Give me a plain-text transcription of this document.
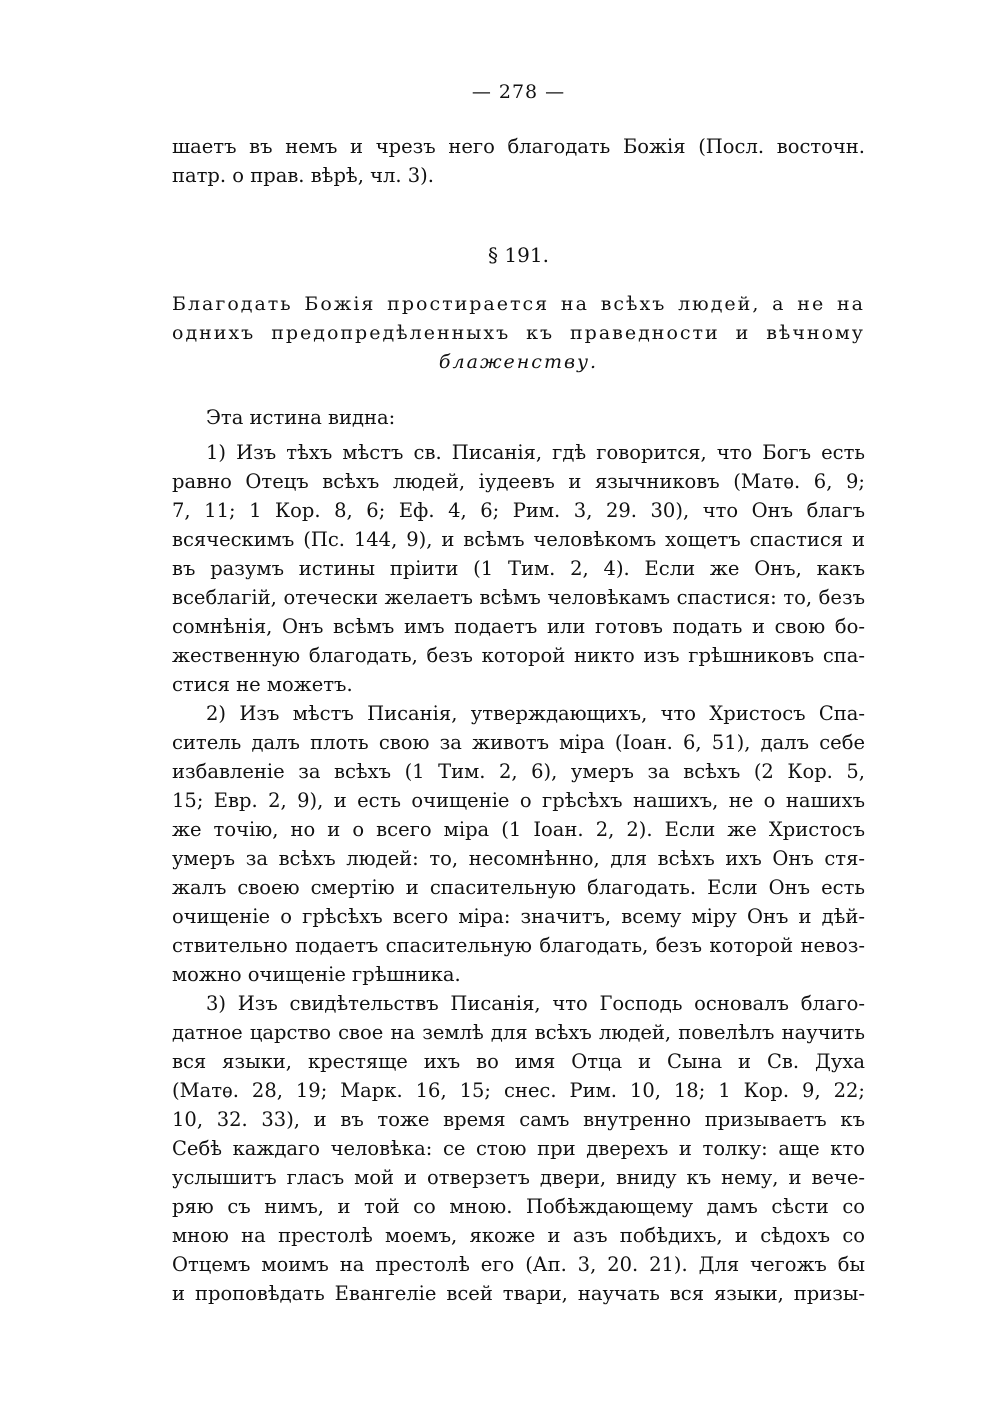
— 278 —
шаетъ въ немъ и чрезъ него благодать Божія (Посл. восточн.
патр. о прав. вѣрѣ, чл. 3).
§ 191.
Благодать Божія простирается на всѣхъ людей, а не на
однихъ предопредѣленныхъ къ праведности и вѣчному
блаженству.
Эта истина видна:
1) Изъ тѣхъ мѣстъ св. Писанія, гдѣ говорится, что Богъ есть
равно Отецъ всѣхъ людей, іудеевъ и язычниковъ (Матѳ. 6, 9;
7, 11; 1 Кор. 8, 6; Еф. 4, 6; Рим. 3, 29. 30), что Онъ благъ
всяческимъ (Пс. 144, 9), и всѣмъ человѣкомъ хощетъ спастися и
въ разумъ истины пріити (1 Тим. 2, 4). Если же Онъ, какъ
всеблагій, отечески желаетъ всѣмъ человѣкамъ спастися: то, безъ
сомнѣнія, Онъ всѣмъ имъ подаетъ или готовъ подать и свою бо-
жественную благодать, безъ которой никто изъ грѣшниковъ спа-
стися не можетъ.
2) Изъ мѣстъ Писанія, утверждающихъ, что Христосъ Спа-
ситель далъ плоть свою за животъ міра (Іоан. 6, 51), далъ себе
избавленіе за всѣхъ (1 Тим. 2, 6), умеръ за всѣхъ (2 Кор. 5,
15; Евр. 2, 9), и есть очищеніе о грѣсѣхъ нашихъ, не о нашихъ
же точію, но и о всего міра (1 Іоан. 2, 2). Если же Христосъ
умеръ за всѣхъ людей: то, несомнѣнно, для всѣхъ ихъ Онъ стя-
жалъ своею смертію и спасительную благодать. Если Онъ есть
очищеніе о грѣсѣхъ всего міра: значитъ, всему міру Онъ и дѣй-
ствительно подаетъ спасительную благодать, безъ которой невоз-
можно очищеніе грѣшника.
3) Изъ свидѣтельствъ Писанія, что Господь основалъ благо-
датное царство свое на землѣ для всѣхъ людей, повелѣлъ научить
вся языки, крестяще ихъ во имя Отца и Сына и Св. Духа
(Матѳ. 28, 19; Марк. 16, 15; снес. Рим. 10, 18; 1 Кор. 9, 22;
10, 32. 33), и въ тоже время самъ внутренно призываетъ къ
Себѣ каждаго человѣка: се стою при дверехъ и толку: аще кто
услышитъ гласъ мой и отверзетъ двери, вниду къ нему, и вече-
ряю съ нимъ, и той со мною. Побѣждающему дамъ сѣсти со
мною на престолѣ моемъ, якоже и азъ побѣдихъ, и сѣдохъ со
Отцемъ моимъ на престолѣ его (Ап. 3, 20. 21). Для чегожъ бы
и проповѣдать Евангеліе всей твари, научать вся языки, призы-
